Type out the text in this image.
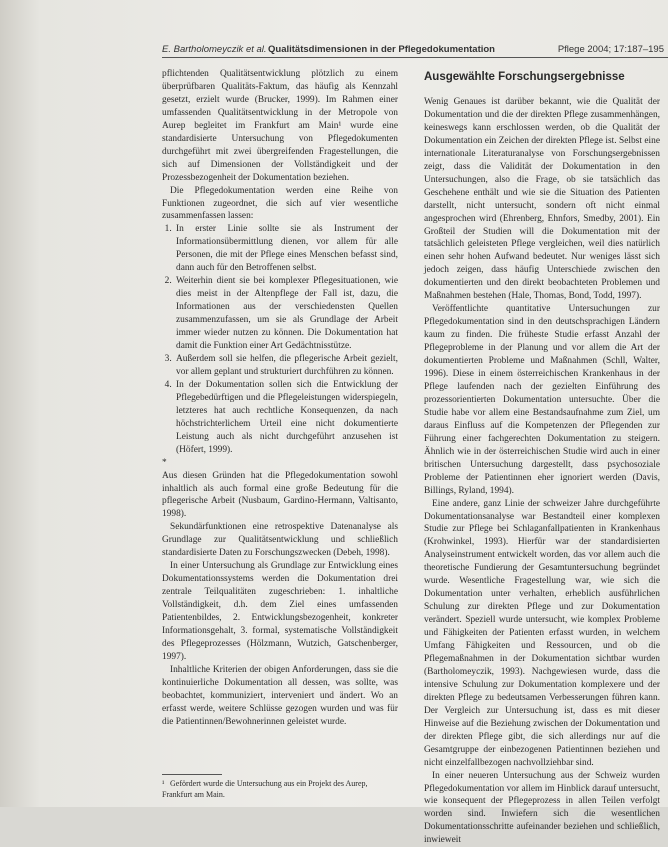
E. Bartholomeyczik et al. Qualitätsdimensionen in der Pflegedokumentation	Pflege 2004; 17:187–195

pflichtenden Qualitätsentwicklung plötzlich zu einem überprüfbaren Qualitäts-Faktum, das häufig als Kennzahl gesetzt, erzielt wurde (Brucker, 1999). Im Rahmen einer umfassenden Qualitätsentwicklung in der Metropole von Aurep begleitet im Frankfurt am Main¹ wurde eine standardisierte Untersuchung von Pflegedokumenten durchgeführt mit zwei übergreifenden Fragestellungen, die sich auf Dimensionen der Vollständigkeit und der Prozessbezogenheit der Dokumentation beziehen.

Die Pflegedokumentation werden eine Reihe von Funktionen zugeordnet, die sich auf vier wesentliche zusammenfassen lassen:

1. In erster Linie sollte sie als Instrument der Informationsübermittlung dienen, vor allem für alle Personen, die mit der Pflege eines Menschen befasst sind, dann auch für den Betroffenen selbst.
2. Weiterhin dient sie bei komplexer Pflegesituationen, wie dies meist in der Altenpflege der Fall ist, dazu, die Informationen aus der verschiedensten Quellen zusammenzufassen, um sie als Grundlage der Arbeit immer wieder nutzen zu können. Die Dokumentation hat damit die Funktion einer Art Gedächtnisstütze.
3. Außerdem soll sie helfen, die pflegerische Arbeit gezielt, vor allem geplant und strukturiert durchführen zu können.
4. In der Dokumentation sollen sich die Entwicklung der Pflegebedürftigen und die Pflegeleistungen widerspiegeln, letzteres hat auch rechtliche Konsequenzen, da nach höchstrichterlichem Urteil eine nicht dokumentierte Leistung auch als nicht durchgeführt anzusehen ist (Höfert, 1999).

*

Aus diesen Gründen hat die Pflegedokumentation sowohl inhaltlich als auch formal eine große Bedeutung für die pflegerische Arbeit (Nusbaum, Gardino-Hermann, Valtisanto, 1998).

Sekundärfunktionen eine retrospektive Datenanalyse als Grundlage zur Qualitätsentwicklung und schließlich standardisierte Daten zu Forschungszwecken (Debeh, 1998).

In einer Untersuchung als Grundlage zur Entwicklung eines Dokumentationssystems werden die Dokumentation drei zentrale Teilqualitäten zugeschrieben: 1. inhaltliche Vollständigkeit, d.h. dem Ziel eines umfassenden Patientenbildes, 2. Entwicklungsbezogenheit, konkreter Informationsgehalt, 3. formal, systematische Vollständigkeit des Pflegeprozesses (Hölzmann, Wutzich, Gatschenberger, 1997).

Inhaltliche Kriterien der obigen Anforderungen, dass sie die kontinuierliche Dokumentation all dessen, was sollte, was beobachtet, kommuniziert, interveniert und ändert. Wo an erfasst werde, weitere Schlüsse gezogen wurden und was für die Patientinnen/Bewohnerinnen geleistet wurde.

¹ Gefördert wurde die Untersuchung aus ein Projekt des Aurep, Frankfurt am Main.
Ausgewählte Forschungsergebnisse

Wenig Genaues ist darüber bekannt, wie die Qualität der Dokumentation und die der direkten Pflege zusammenhängen, keineswegs kann erschlossen werden, ob die Qualität der Dokumentation ein Zeichen der direkten Pflege ist. Selbst eine internationale Literaturanalyse von Forschungsergebnissen zeigt, dass die Validität der Dokumentation in den Untersuchungen, also die Frage, ob sie tatsächlich das Geschehene enthält und wie sie die Situation des Patienten darstellt, nicht untersucht, sondern oft nicht einmal angesprochen wird (Ehrenberg, Ehnfors, Smedby, 2001). Ein Großteil der Studien will die Dokumentation mit der tatsächlich geleisteten Pflege vergleichen, weil dies natürlich einen sehr hohen Aufwand bedeutet. Nur weniges lässt sich jedoch zeigen, dass häufig Unterschiede zwischen den dokumentierten und den direkt beobachteten Problemen und Maßnahmen bestehen (Hale, Thomas, Bond, Todd, 1997).

Veröffentlichte quantitative Untersuchungen zur Pflegedokumentation sind in den deutschsprachigen Ländern kaum zu finden. Die früheste Studie erfasst Anzahl der Pflegeprobleme in der Planung und vor allem die Art der dokumentierten Probleme und Maßnahmen (Schll, Walter, 1996). Diese in einem österreichischen Krankenhaus in der Pflege laufenden nach der gezielten Einführung des prozessorientierten Dokumentation untersuchte. Über die Studie habe vor allem eine Bestandsaufnahme zum Ziel, um daraus Einfluss auf die Kompetenzen der Pflegenden zur Führung einer fachgerechten Dokumentation zu steigern. Ähnlich wie in der österreichischen Studie wird auch in einer britischen Untersuchung dargestellt, dass psychosoziale Probleme der Patientinnen eher ignoriert werden (Davis, Billings, Ryland, 1994).

Eine andere, ganz Linie der schweizer Jahre durchgeführte Dokumentationsanalyse war Bestandteil einer komplexen Studie zur Pflege bei Schlaganfallpatienten in Krankenhaus (Krohwinkel, 1993). Hierfür war der standardisierten Analyseinstrument entwickelt worden, das vor allem auch die theoretische Fundierung der Gesamtuntersuchung begründet wurde. Wesentliche Fragestellung war, wie sich die Dokumentation unter verhalten, erheblich ausführlichen Schulung zur direkten Pflege und zur Dokumentation verändert. Speziell wurde untersucht, wie komplex Probleme und Fähigkeiten der Patienten erfasst wurden, in welchem Umfang Fähigkeiten und Ressourcen, und ob die Pflegemaßnahmen in der Dokumentation sichtbar wurden (Bartholomeyczik, 1993). Nachgewiesen wurde, dass die intensive Schulung zur Dokumentation komplexere und der direkten Pflege zu bedeutsamen Verbesserungen führen kann. Der Vergleich zur Untersuchung ist, dass es mit dieser Hinweise auf die Beziehung zwischen der Dokumentation und der direkten Pflege gibt, die sich allerdings nur auf die Gesamtgruppe der einbezogenen Patientinnen beziehen und nicht einzelfallbezogen nachvollziehbar sind.

In einer neueren Untersuchung aus der Schweiz wurden Pflegedokumentation vor allem im Hinblick darauf untersucht, wie konsequent der Pflegeprozess in allen Teilen verfolgt worden sind. Inwiefern sich die wesentlichen Dokumentationsschritte aufeinander beziehen und schließlich, inwieweit
